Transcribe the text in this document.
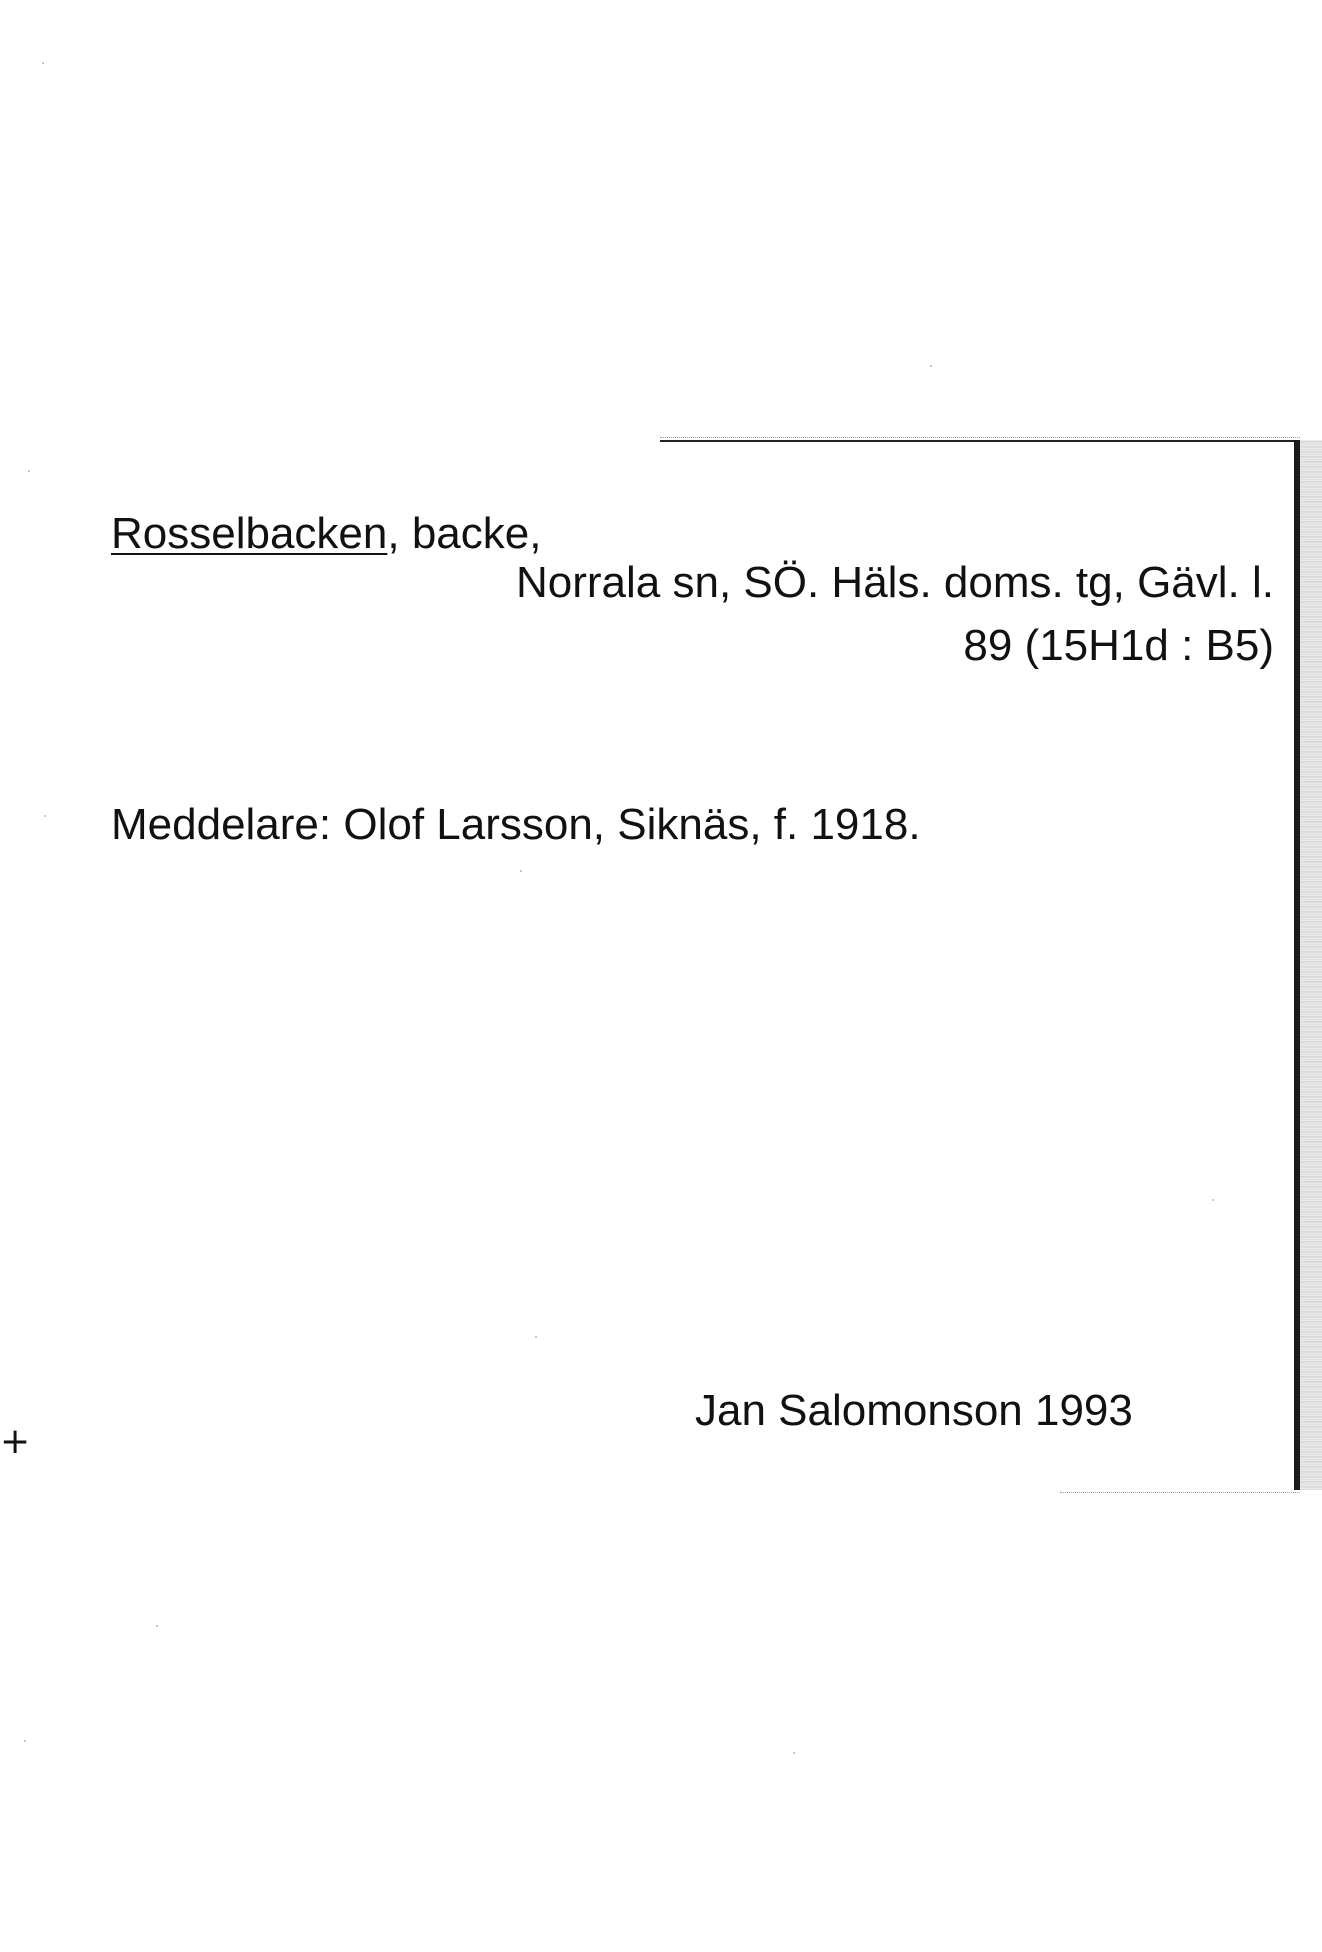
Rosselbacken, backe,
Norrala sn, SÖ. Häls. doms. tg, Gävl. l.
89 (15H1d : B5)
Meddelare: Olof Larsson, Siknäs, f. 1918.
Jan Salomonson 1993
+
